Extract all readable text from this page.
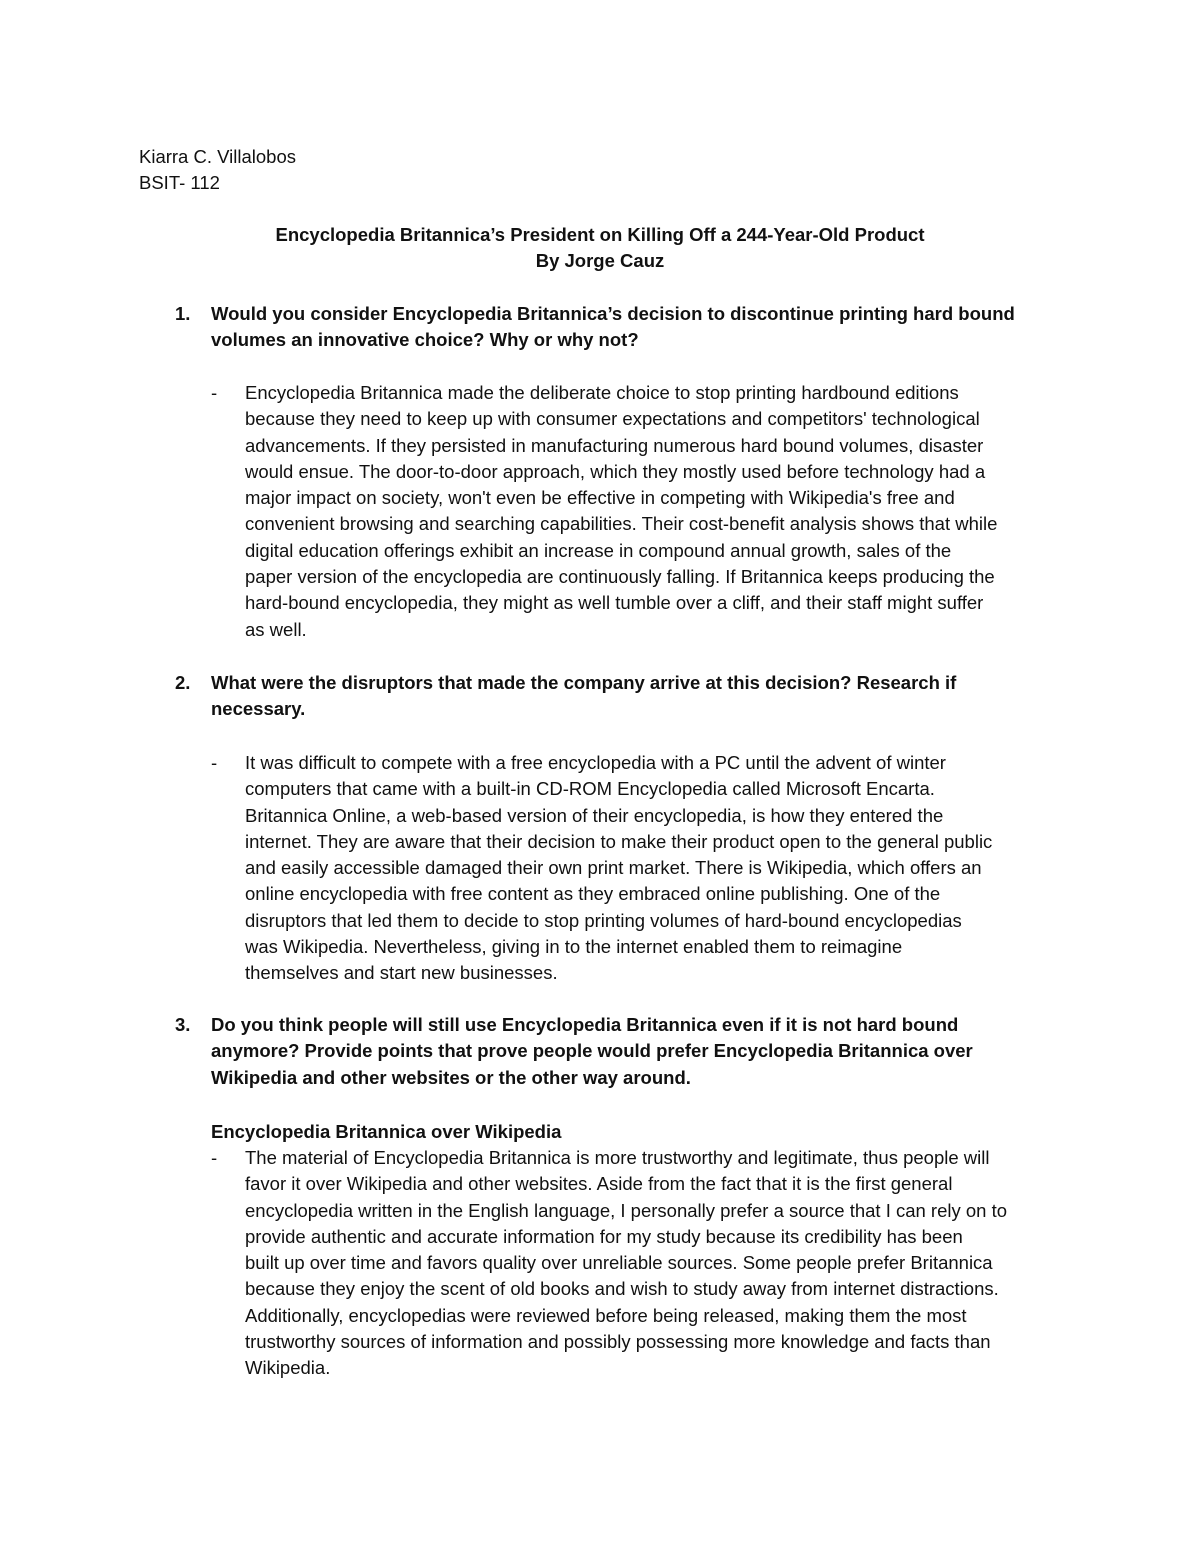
Kiarra C. Villalobos
BSIT- 112
Encyclopedia Britannica’s President on Killing Off a 244-Year-Old Product
By Jorge Cauz
1. Would you consider Encyclopedia Britannica’s decision to discontinue printing hard bound
volumes an innovative choice? Why or why not?
- Encyclopedia Britannica made the deliberate choice to stop printing hardbound editions
because they need to keep up with consumer expectations and competitors' technological
advancements. If they persisted in manufacturing numerous hard bound volumes, disaster
would ensue. The door-to-door approach, which they mostly used before technology had a
major impact on society, won't even be effective in competing with Wikipedia's free and
convenient browsing and searching capabilities. Their cost-benefit analysis shows that while
digital education offerings exhibit an increase in compound annual growth, sales of the
paper version of the encyclopedia are continuously falling. If Britannica keeps producing the
hard-bound encyclopedia, they might as well tumble over a cliff, and their staff might suffer
as well.
2. What were the disruptors that made the company arrive at this decision? Research if
necessary.
- It was difficult to compete with a free encyclopedia with a PC until the advent of winter
computers that came with a built-in CD-ROM Encyclopedia called Microsoft Encarta.
Britannica Online, a web-based version of their encyclopedia, is how they entered the
internet. They are aware that their decision to make their product open to the general public
and easily accessible damaged their own print market. There is Wikipedia, which offers an
online encyclopedia with free content as they embraced online publishing. One of the
disruptors that led them to decide to stop printing volumes of hard-bound encyclopedias
was Wikipedia. Nevertheless, giving in to the internet enabled them to reimagine
themselves and start new businesses.
3. Do you think people will still use Encyclopedia Britannica even if it is not hard bound
anymore? Provide points that prove people would prefer Encyclopedia Britannica over
Wikipedia and other websites or the other way around.
Encyclopedia Britannica over Wikipedia
- The material of Encyclopedia Britannica is more trustworthy and legitimate, thus people will
favor it over Wikipedia and other websites. Aside from the fact that it is the first general
encyclopedia written in the English language, I personally prefer a source that I can rely on to
provide authentic and accurate information for my study because its credibility has been
built up over time and favors quality over unreliable sources. Some people prefer Britannica
because they enjoy the scent of old books and wish to study away from internet distractions.
Additionally, encyclopedias were reviewed before being released, making them the most
trustworthy sources of information and possibly possessing more knowledge and facts than
Wikipedia.
